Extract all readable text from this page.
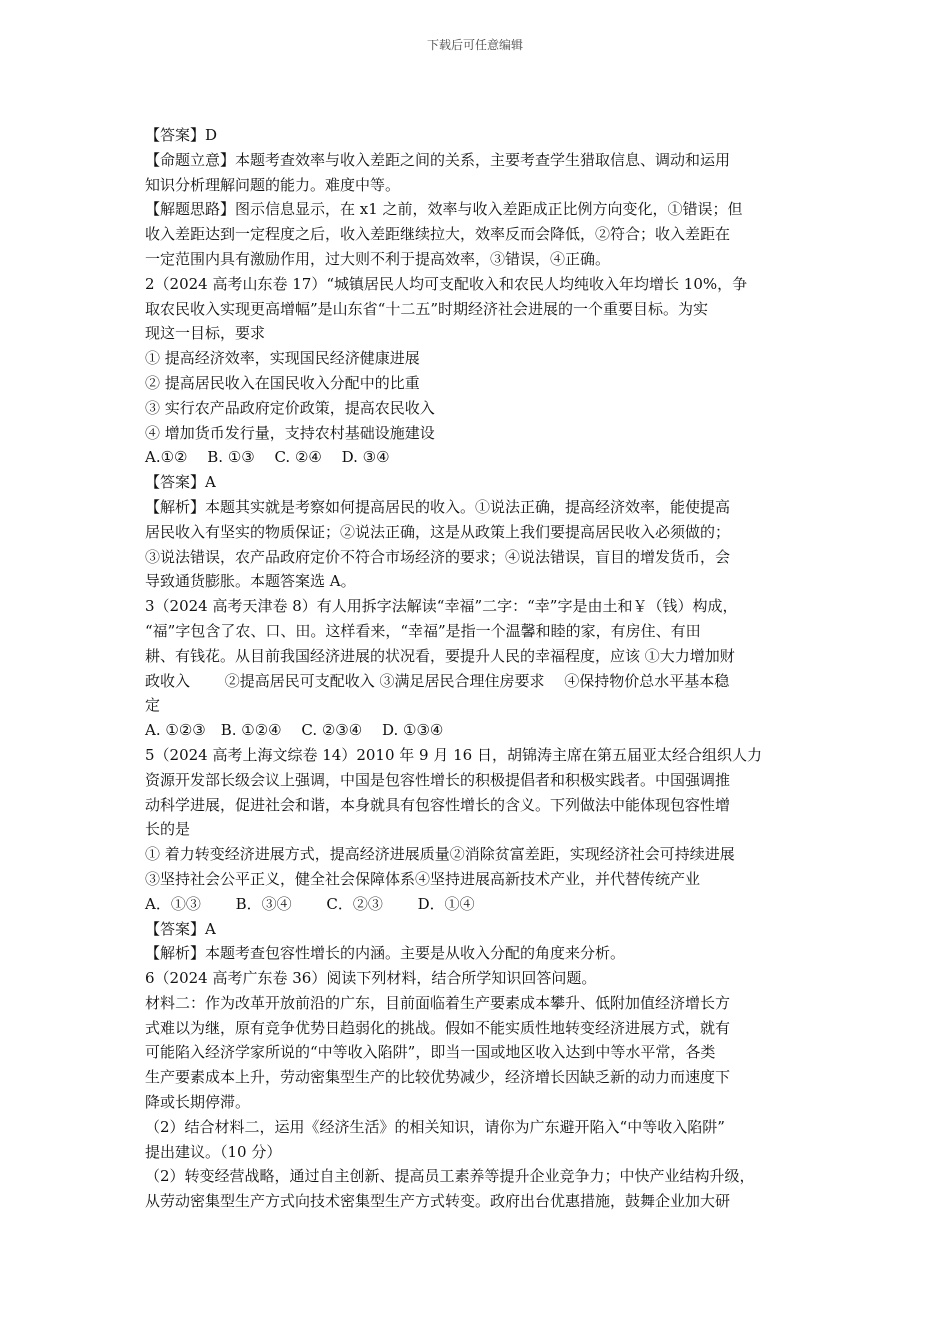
下载后可任意编辑
【答案】D
【命题立意】本题考查效率与收入差距之间的关系，主要考查学生猎取信息、调动和运用
知识分析理解问题的能力。难度中等。
【解题思路】图示信息显示，在 x1 之前，效率与收入差距成正比例方向变化，①错误；但
收入差距达到一定程度之后，收入差距继续拉大，效率反而会降低，②符合；收入差距在
一定范围内具有激励作用，过大则不利于提高效率，③错误，④正确。
2（2024 高考山东卷 17）“城镇居民人均可支配收入和农民人均纯收入年均增长 10%，争
取农民收入实现更高增幅”是山东省“十二五”时期经济社会进展的一个重要目标。为实
现这一目标，要求
① 提高经济效率，实现国民经济健康进展
② 提高居民收入在国民收入分配中的比重
③ 实行农产品政府定价政策，提高农民收入
④ 增加货币发行量，支持农村基础设施建设
A.①②　 B. ①③　 C. ②④　 D. ③④
【答案】A
【解析】本题其实就是考察如何提高居民的收入。①说法正确，提高经济效率，能使提高
居民收入有坚实的物质保证；②说法正确，这是从政策上我们要提高居民收入必须做的；
③说法错误，农产品政府定价不符合市场经济的要求；④说法错误，盲目的增发货币，会
导致通货膨胀。本题答案选 A。
3（2024 高考天津卷 8）有人用拆字法解读“幸福”二字：“幸”字是由土和￥（钱）构成，
“福”字包含了农、口、田。这样看来，“幸福”是指一个温馨和睦的家，有房住、有田
耕、有钱花。从目前我国经济进展的状况看，要提升人民的幸福程度，应该 ①大力增加财
政收入　　 ②提高居民可支配收入 ③满足居民合理住房要求　 ④保持物价总水平基本稳
定
A. ①②③　B. ①②④　 C. ②③④　 D. ①③④
5（2024 高考上海文综卷 14）2010 年 9 月 16 日，胡锦涛主席在第五届亚太经合组织人力
资源开发部长级会议上强调，中国是包容性增长的积极提倡者和积极实践者。中国强调推
动科学进展，促进社会和谐，本身就具有包容性增长的含义。下列做法中能体现包容性增
长的是
① 着力转变经济进展方式，提高经济进展质量②消除贫富差距，实现经济社会可持续进展
③坚持社会公平正义，健全社会保障体系④坚持进展高新技术产业，并代替传统产业
A．①③　　 B．③④　　 C．②③　　 D．①④
【答案】A
【解析】本题考查包容性增长的内涵。主要是从收入分配的角度来分析。
6（2024 高考广东卷 36）阅读下列材料，结合所学知识回答问题。
材料二：作为改革开放前沿的广东，目前面临着生产要素成本攀升、低附加值经济增长方
式难以为继，原有竞争优势日趋弱化的挑战。假如不能实质性地转变经济进展方式，就有
可能陷入经济学家所说的“中等收入陷阱”，即当一国或地区收入达到中等水平常，各类
生产要素成本上升，劳动密集型生产的比较优势减少，经济增长因缺乏新的动力而速度下
降或长期停滞。
（2）结合材料二，运用《经济生活》的相关知识，请你为广东避开陷入“中等收入陷阱”
提出建议。（10 分）
（2）转变经营战略，通过自主创新、提高员工素养等提升企业竞争力；中快产业结构升级，
从劳动密集型生产方式向技术密集型生产方式转变。政府出台优惠措施，鼓舞企业加大研
